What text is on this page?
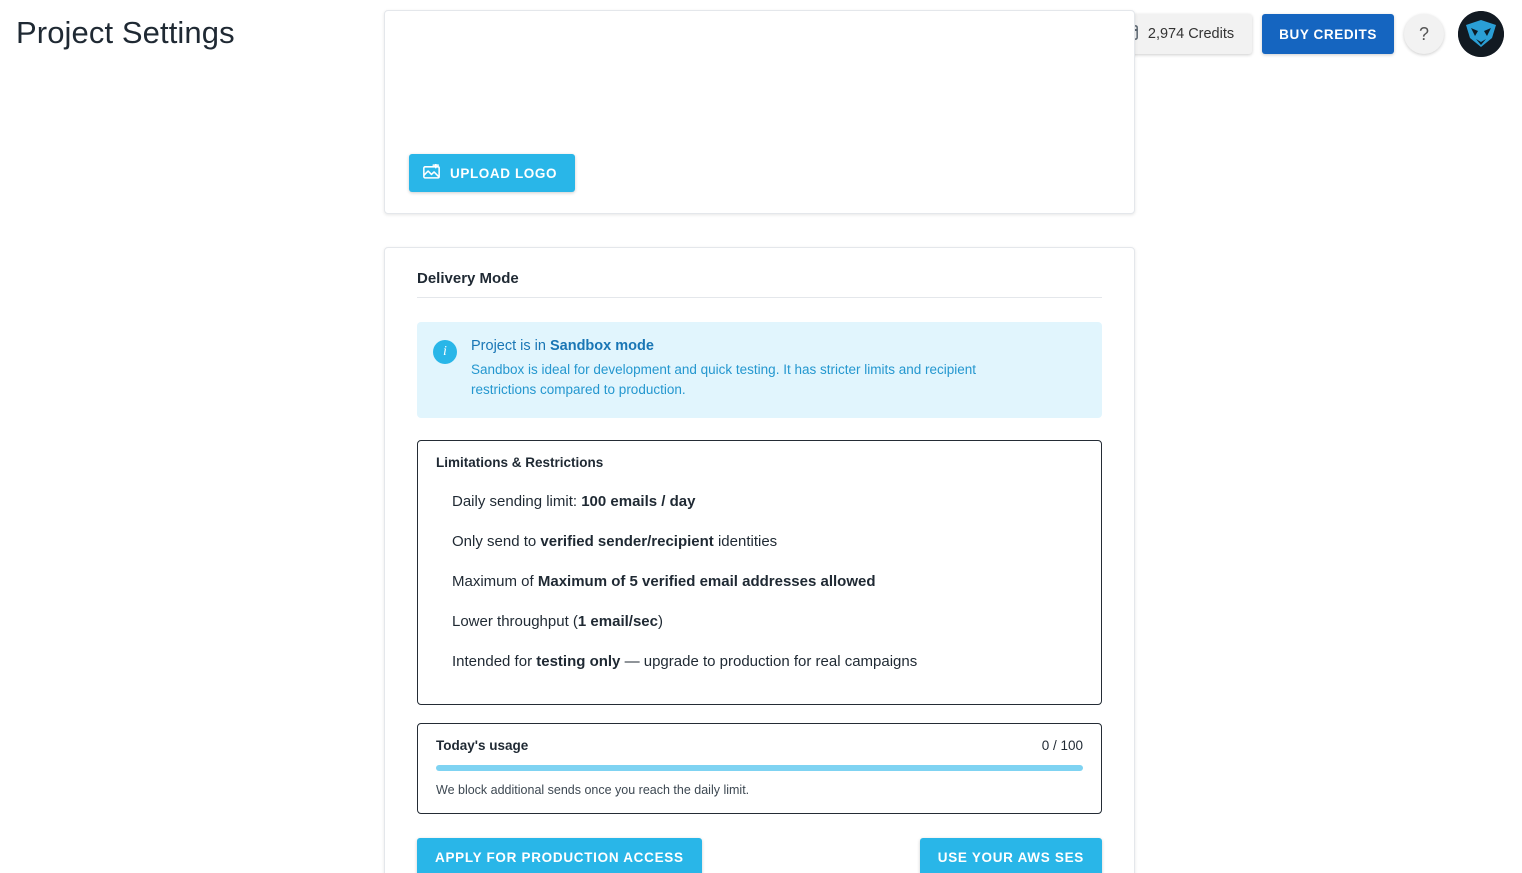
Project Settings	2,974 Credits	BUY CREDITS	?
UPLOAD LOGO
Delivery Mode
i	Project is in Sandbox mode
Sandbox is ideal for development and quick testing. It has stricter limits and recipient restrictions compared to production.
Limitations & Restrictions
Daily sending limit: 100 emails / day
Only send to verified sender/recipient identities
Maximum of Maximum of 5 verified email addresses allowed
Lower throughput (1 email/sec)
Intended for testing only — upgrade to production for real campaigns
Today's usage	0 / 100
We block additional sends once you reach the daily limit.
APPLY FOR PRODUCTION ACCESS	USE YOUR AWS SES
